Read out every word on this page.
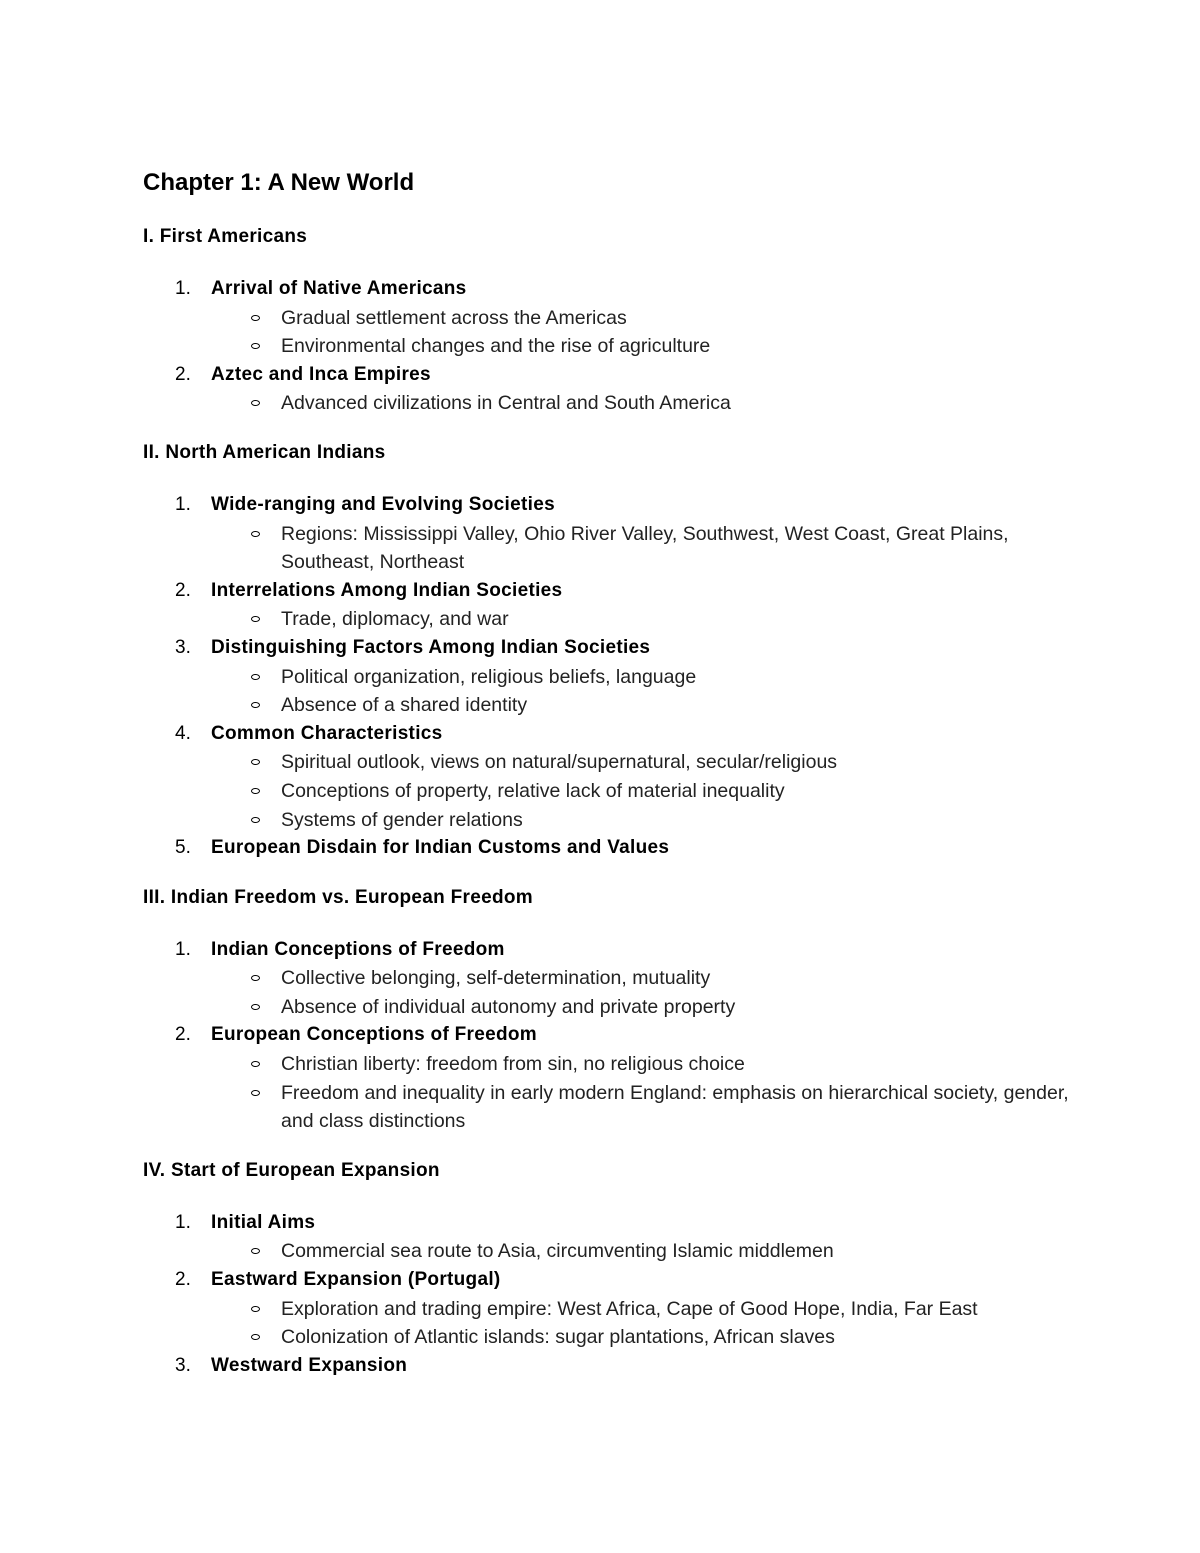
Chapter 1: A New World
I. First Americans
1. Arrival of Native Americans
Gradual settlement across the Americas
Environmental changes and the rise of agriculture
2. Aztec and Inca Empires
Advanced civilizations in Central and South America
II. North American Indians
1. Wide-ranging and Evolving Societies
Regions: Mississippi Valley, Ohio River Valley, Southwest, West Coast, Great Plains, Southeast, Northeast
2. Interrelations Among Indian Societies
Trade, diplomacy, and war
3. Distinguishing Factors Among Indian Societies
Political organization, religious beliefs, language
Absence of a shared identity
4. Common Characteristics
Spiritual outlook, views on natural/supernatural, secular/religious
Conceptions of property, relative lack of material inequality
Systems of gender relations
5. European Disdain for Indian Customs and Values
III. Indian Freedom vs. European Freedom
1. Indian Conceptions of Freedom
Collective belonging, self-determination, mutuality
Absence of individual autonomy and private property
2. European Conceptions of Freedom
Christian liberty: freedom from sin, no religious choice
Freedom and inequality in early modern England: emphasis on hierarchical society, gender, and class distinctions
IV. Start of European Expansion
1. Initial Aims
Commercial sea route to Asia, circumventing Islamic middlemen
2. Eastward Expansion (Portugal)
Exploration and trading empire: West Africa, Cape of Good Hope, India, Far East
Colonization of Atlantic islands: sugar plantations, African slaves
3. Westward Expansion
